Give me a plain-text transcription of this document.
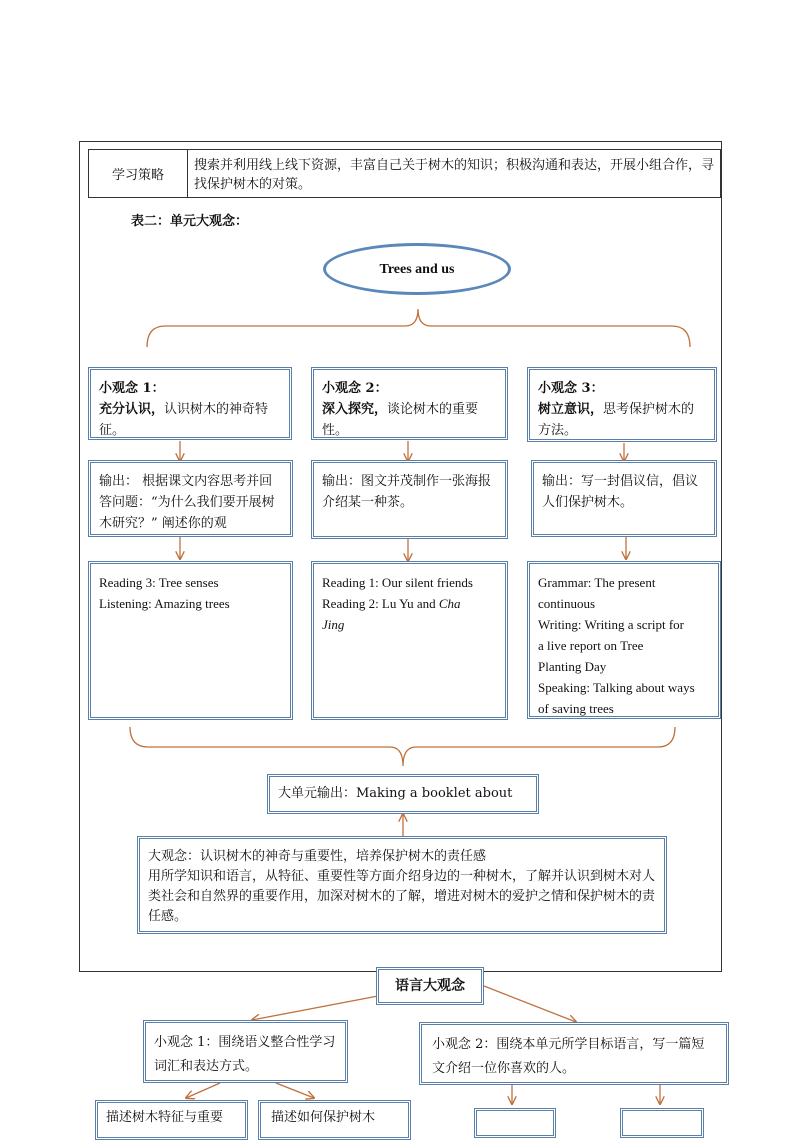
学习策略
搜索并利用线上线下资源，丰富自己关于树木的知识；积极沟通和表达，开展小组合作，寻找保护树木的对策。
表二：单元大观念：
Trees and us
小观念 1：
充分认识，认识树木的神奇特征。
小观念 2：
深入探究，谈论树木的重要性。
小观念 3：
树立意识，思考保护树木的方法。
输出： 根据课文内容思考并回答问题：“为什么我们要开展树木研究？” 阐述你的观
输出：图文并茂制作一张海报介绍某一种茶。
输出：写一封倡议信，倡议人们保护树木。
Reading 3: Tree senses
Listening: Amazing trees
Reading 1: Our silent friends
Reading 2: Lu Yu and Cha
Jing
Grammar: The present
continuous
Writing: Writing a script for
a live report on Tree
Planting Day
Speaking: Talking about ways
of saving trees
大单元输出：Making a booklet about
大观念：认识树木的神奇与重要性，培养保护树木的责任感
用所学知识和语言，从特征、重要性等方面介绍身边的一种树木，了解并认识到树木对人类社会和自然界的重要作用，加深对树木的了解，增进对树木的爱护之情和保护树木的责任感。
语言大观念
小观念 1：围绕语义整合性学习词汇和表达方式。
小观念 2：围绕本单元所学目标语言，写一篇短文介绍一位你喜欢的人。
描述树木特征与重要	描述如何保护树木
